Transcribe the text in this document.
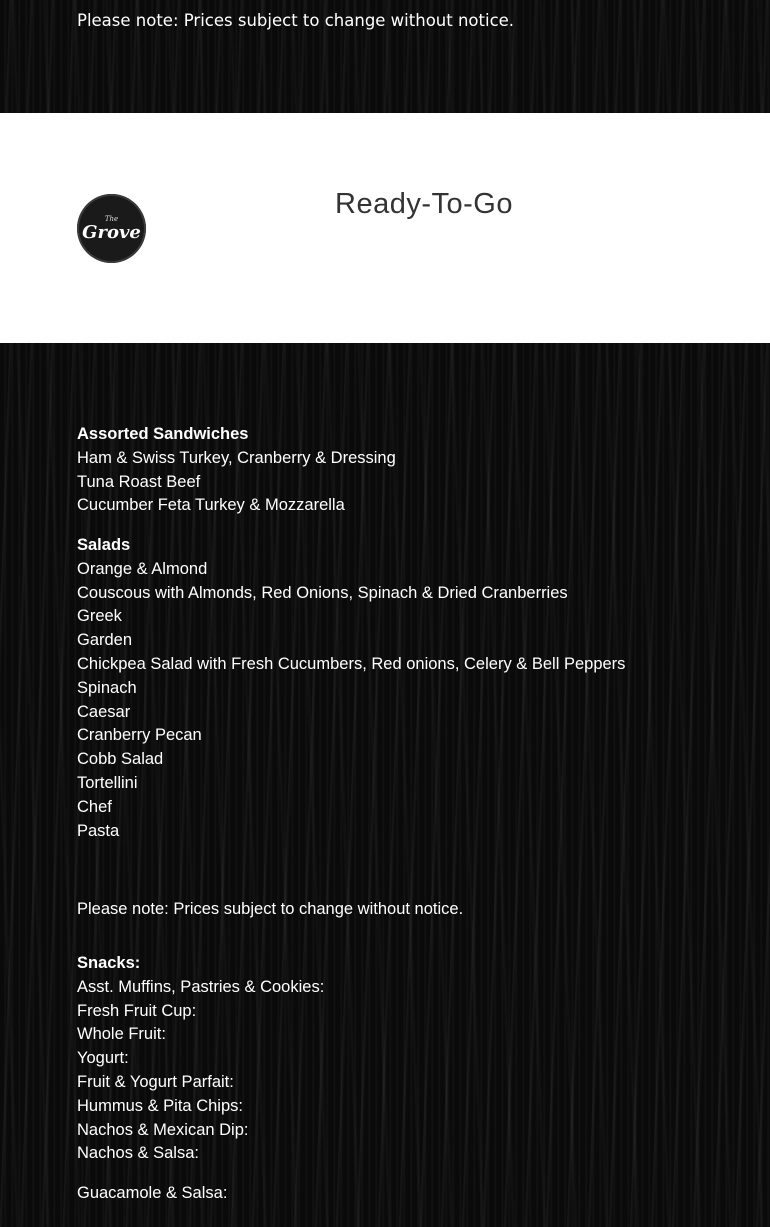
Please note: Prices subject to change without notice.
The
Grove
Ready-To-Go
Assorted Sandwiches
Ham & Swiss Turkey, Cranberry & Dressing
Tuna Roast Beef
Cucumber Feta Turkey & Mozzarella
Salads
Orange & Almond
Couscous with Almonds, Red Onions, Spinach & Dried Cranberries
Greek
Garden
Chickpea Salad with Fresh Cucumbers, Red onions, Celery & Bell Peppers
Spinach
Caesar
Cranberry Pecan
Cobb Salad
Tortellini
Chef
Pasta
Please note: Prices subject to change without notice.
Snacks:
Asst. Muffins, Pastries & Cookies:
Fresh Fruit Cup:
Whole Fruit:
Yogurt:
Fruit & Yogurt Parfait:
Hummus & Pita Chips:
Nachos & Mexican Dip:
Nachos & Salsa:
Guacamole & Salsa:
